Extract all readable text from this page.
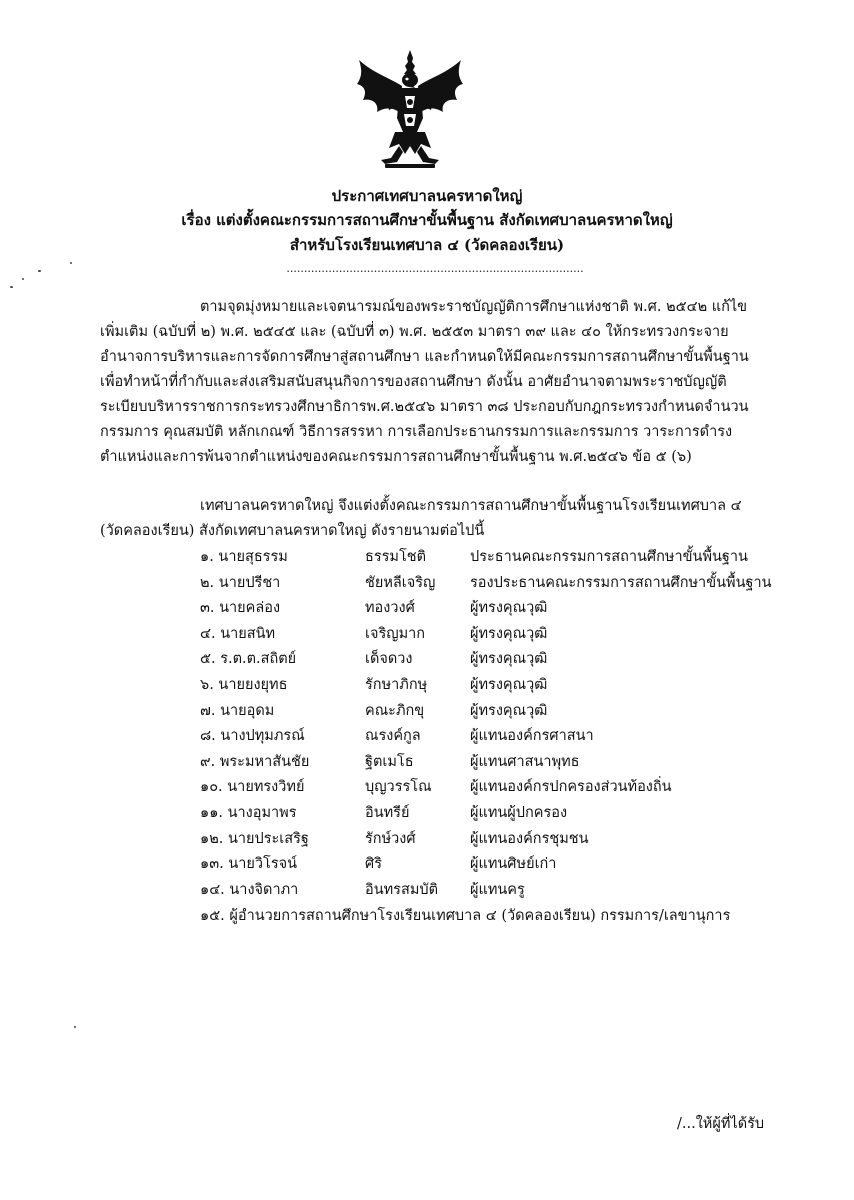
ประกาศเทศบาลนครหาดใหญ่
เรื่อง แต่งตั้งคณะกรรมการสถานศึกษาขั้นพื้นฐาน สังกัดเทศบาลนครหาดใหญ่
สำหรับโรงเรียนเทศบาล ๔ (วัดคลองเรียน)
.....................................................................................
ตามจุดมุ่งหมายและเจตนารมณ์ของพระราชบัญญัติการศึกษาแห่งชาติ พ.ศ. ๒๕๔๒ แก้ไข
เพิ่มเติม (ฉบับที่ ๒) พ.ศ. ๒๕๔๕ และ (ฉบับที่ ๓) พ.ศ. ๒๕๕๓ มาตรา ๓๙ และ ๔๐ ให้กระทรวงกระจาย
อำนาจการบริหารและการจัดการศึกษาสู่สถานศึกษา และกำหนดให้มีคณะกรรมการสถานศึกษาขั้นพื้นฐาน
เพื่อทำหน้าที่กำกับและส่งเสริมสนับสนุนกิจการของสถานศึกษา ดังนั้น อาศัยอำนาจตามพระราชบัญญัติ
ระเบียบบริหารราชการกระทรวงศึกษาธิการพ.ศ.๒๕๔๖ มาตรา ๓๘ ประกอบกับกฎกระทรวงกำหนดจำนวน
กรรมการ คุณสมบัติ หลักเกณฑ์ วิธีการสรรหา การเลือกประธานกรรมการและกรรมการ วาระการดำรง
ตำแหน่งและการพ้นจากตำแหน่งของคณะกรรมการสถานศึกษาขั้นพื้นฐาน พ.ศ.๒๕๔๖ ข้อ ๕ (๖)
เทศบาลนครหาดใหญ่ จึงแต่งตั้งคณะกรรมการสถานศึกษาขั้นพื้นฐานโรงเรียนเทศบาล ๔
(วัดคลองเรียน) สังกัดเทศบาลนครหาดใหญ่ ดังรายนามต่อไปนี้
๑. นายสุธรรม	ธรรมโชติ	ประธานคณะกรรมการสถานศึกษาขั้นพื้นฐาน
๒. นายปรีชา	ชัยหลีเจริญ รองประธานคณะกรรมการสถานศึกษาขั้นพื้นฐาน
๓. นายคล่อง	ทองวงศ์	ผู้ทรงคุณวุฒิ
๔. นายสนิท	เจริญมาก	ผู้ทรงคุณวุฒิ
๕. ร.ต.ต.สถิตย์	เด็จดวง	ผู้ทรงคุณวุฒิ
๖. นายยงยุทธ	รักษาภิกษุ	ผู้ทรงคุณวุฒิ
๗. นายอุดม	คณะภิกขุ	ผู้ทรงคุณวุฒิ
๘. นางปทุมภรณ์	ณรงค์กูล	ผู้แทนองค์กรศาสนา
๙. พระมหาสันชัย	ฐิตเมโธ	ผู้แทนศาสนาพุทธ
๑๐. นายทรงวิทย์	บุญวรรโณ	ผู้แทนองค์กรปกครองส่วนท้องถิ่น
๑๑. นางอุมาพร	อินทรีย์	ผู้แทนผู้ปกครอง
๑๒. นายประเสริฐ	รักษ์วงศ์	ผู้แทนองค์กรชุมชน
๑๓. นายวิโรจน์	ศิริ	ผู้แทนศิษย์เก่า
๑๔. นางจิดาภา	อินทรสมบัติ ผู้แทนครู
๑๕. ผู้อำนวยการสถานศึกษาโรงเรียนเทศบาล ๔ (วัดคลองเรียน) กรรมการ/เลขานุการ
/...ให้ผู้ที่ได้รับ
